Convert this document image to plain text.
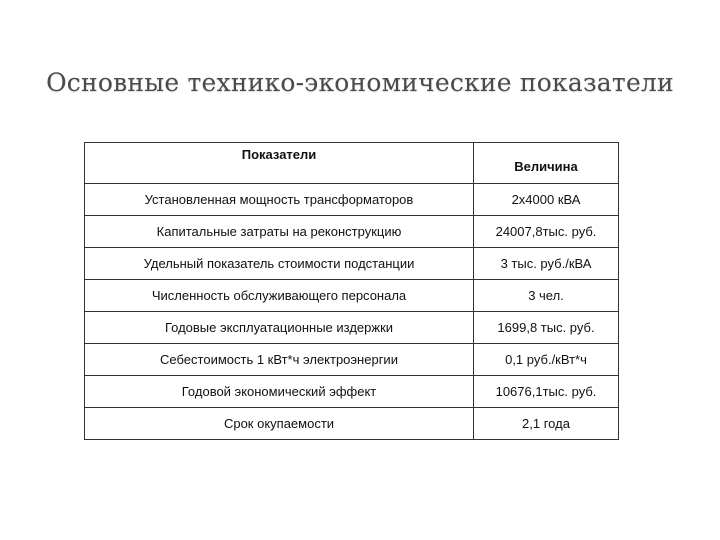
Основные технико-экономические показатели
Показатели	Величина
Установленная мощность трансформаторов	2х4000 кВА
Капитальные затраты на реконструкцию	24007,8тыс. руб.
Удельный показатель стоимости подстанции	3 тыс. руб./кВА
Численность обслуживающего персонала	3 чел.
Годовые эксплуатационные издержки	1699,8 тыс. руб.
Себестоимость 1 кВт*ч электроэнергии	0,1 руб./кВт*ч
Годовой экономический эффект	10676,1тыс. руб.
Срок окупаемости	2,1 года
